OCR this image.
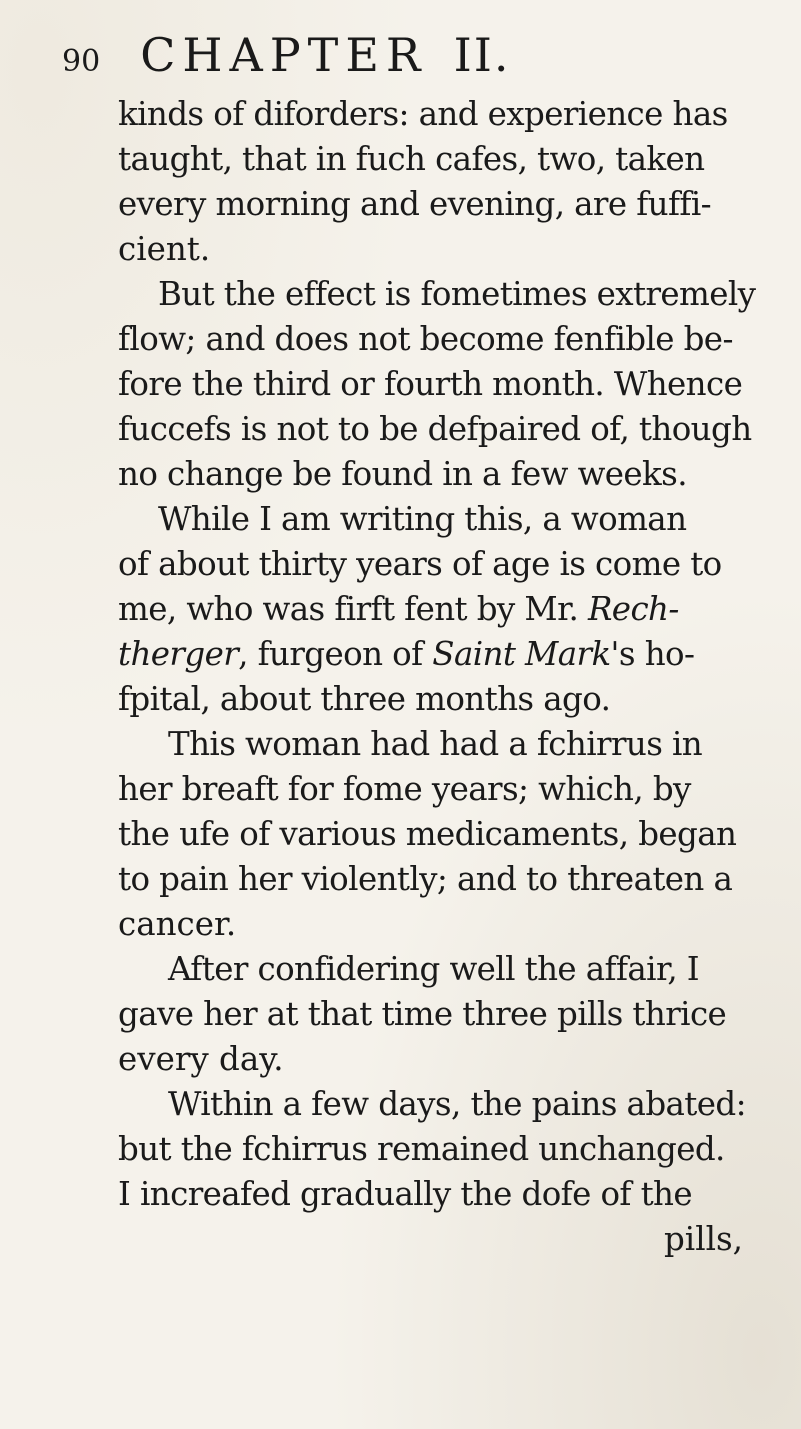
90 CHAPTER II.
kinds of diforders: and experience has
taught, that in fuch cafes, two, taken
every morning and evening, are fuffi-
cient.
But the effect is fometimes extremely
flow; and does not become fenfible be-
fore the third or fourth month. Whence
fuccefs is not to be defpaired of, though
no change be found in a few weeks.
While I am writing this, a woman
of about thirty years of age is come to
me, who was firft fent by Mr. Rech-
therger, furgeon of Saint Mark's ho-
fpital, about three months ago.
This woman had had a fchirrus in
her breaft for fome years; which, by
the ufe of various medicaments, began
to pain her violently; and to threaten a
cancer.
After confidering well the affair, I
gave her at that time three pills thrice
every day.
Within a few days, the pains abated:
but the fchirrus remained unchanged.
I increafed gradually the dofe of the
pills,
